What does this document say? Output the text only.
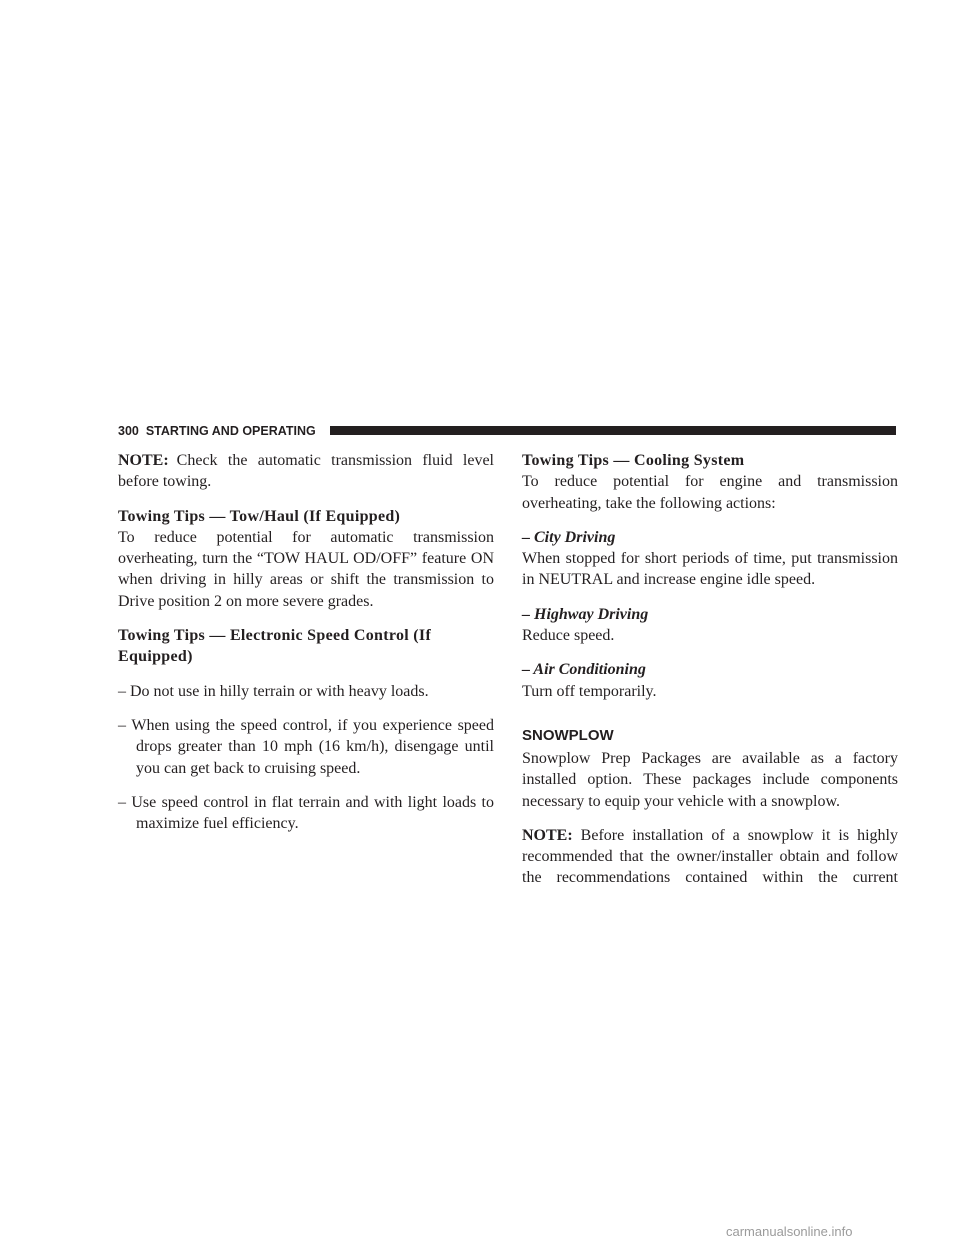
300 STARTING AND OPERATING

NOTE: Check the automatic transmission fluid level before towing.

Towing Tips — Tow/Haul (If Equipped)

To reduce potential for automatic transmission overheating, turn the “TOW HAUL OD/OFF” feature ON when driving in hilly areas or shift the transmission to Drive position 2 on more severe grades.

Towing Tips — Electronic Speed Control (If
Equipped)

– Do not use in hilly terrain or with heavy loads.

– When using the speed control, if you experience speed drops greater than 10 mph (16 km/h), disengage until you can get back to cruising speed.

– Use speed control in flat terrain and with light loads to maximize fuel efficiency.

Towing Tips — Cooling System

To reduce potential for engine and transmission overheating, take the following actions:

– City Driving

When stopped for short periods of time, put transmission in NEUTRAL and increase engine idle speed.

– Highway Driving

Reduce speed.

– Air Conditioning

Turn off temporarily.

SNOWPLOW

Snowplow Prep Packages are available as a factory installed option. These packages include components necessary to equip your vehicle with a snowplow.

NOTE: Before installation of a snowplow it is highly recommended that the owner/installer obtain and follow the recommendations contained within the current

carmanualsonline.info
